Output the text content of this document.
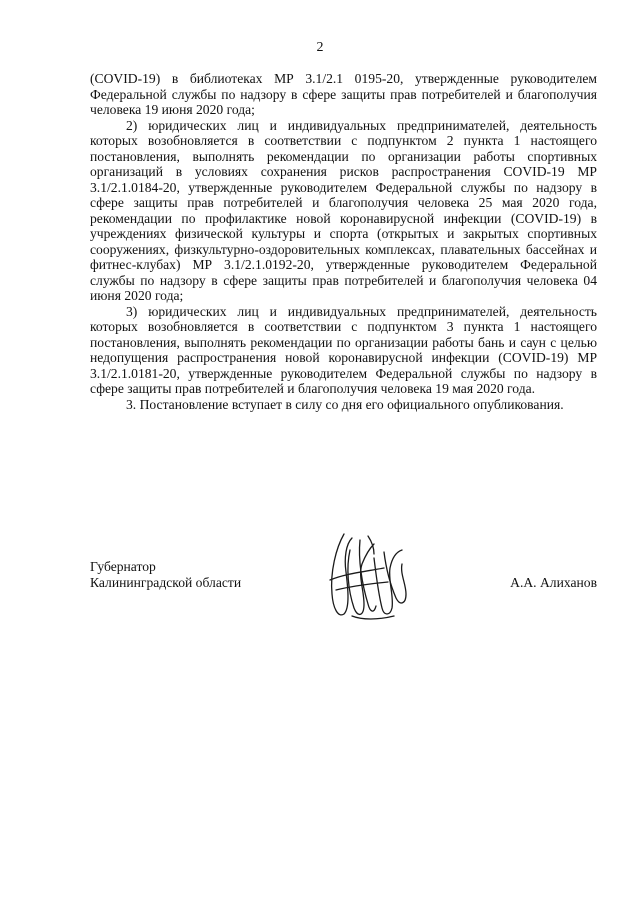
2

(COVID-19) в библиотеках МР 3.1/2.1 0195-20, утвержденные руководителем Федеральной службы по надзору в сфере защиты прав потребителей и благополучия человека 19 июня 2020 года;

2) юридических лиц и индивидуальных предпринимателей, деятельность которых возобновляется в соответствии с подпунктом 2 пункта 1 настоящего постановления, выполнять рекомендации по организации работы спортивных организаций в условиях сохранения рисков распространения COVID-19 МР 3.1/2.1.0184-20, утвержденные руководителем Федеральной службы по надзору в сфере защиты прав потребителей и благополучия человека 25 мая 2020 года, рекомендации по профилактике новой коронавирусной инфекции (COVID-19) в учреждениях физической культуры и спорта (открытых и закрытых спортивных сооружениях, физкультурно-оздоровительных комплексах, плавательных бассейнах и фитнес-клубах) МР 3.1/2.1.0192-20, утвержденные руководителем Федеральной службы по надзору в сфере защиты прав потребителей и благополучия человека 04 июня 2020 года;

3) юридических лиц и индивидуальных предпринимателей, деятельность которых возобновляется в соответствии с подпунктом 3 пункта 1 настоящего постановления, выполнять рекомендации по организации работы бань и саун с целью недопущения распространения новой коронавирусной инфекции (COVID-19) МР 3.1/2.1.0181-20, утвержденные руководителем Федеральной службы по надзору в сфере защиты прав потребителей и благополучия человека 19 мая 2020 года.

3. Постановление вступает в силу со дня его официального опубликования.

Губернатор
Калининградской области	А.А. Алиханов
